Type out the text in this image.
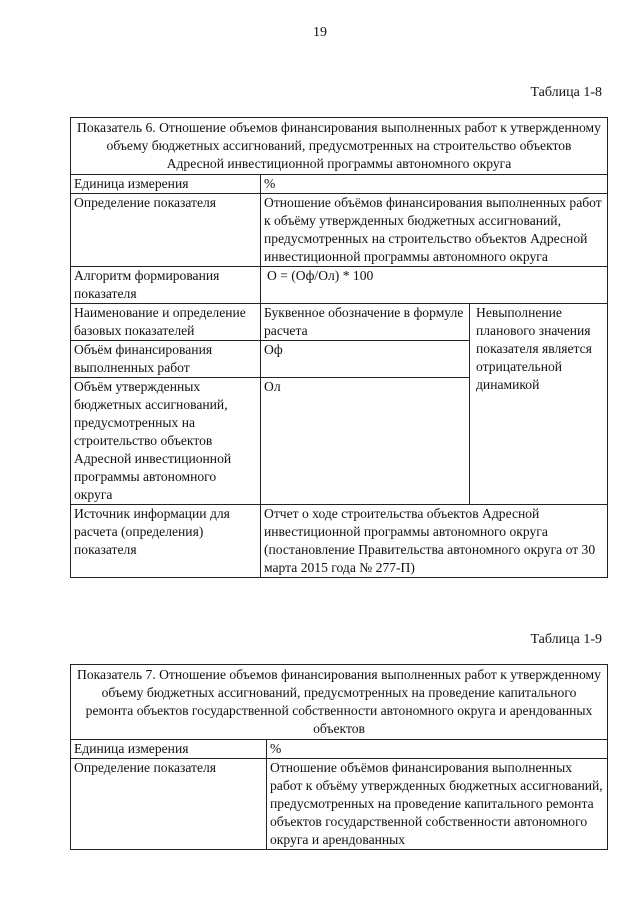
19
Таблица 1-8
Показатель 6. Отношение объемов финансирования выполненных работ к утвержденному объему бюджетных ассигнований, предусмотренных на строительство объектов Адресной инвестиционной программы автономного округа		
Единица измерения	%	
Определение показателя	Отношение объёмов финансирования выполненных работ к объёму утвержденных бюджетных ассигнований, предусмотренных на строительство объектов Адресной инвестиционной программы автономного округа	
Алгоритм формирования показателя	О = (Оф/Ол) * 100	
Наименование и определение базовых показателей	Буквенное обозначение в формуле расчета	Невыполнение планового значения показателя является отрицательной динамикой
Объём финансирования выполненных работ	Оф	
Объём утвержденных бюджетных ассигнований, предусмотренных на строительство объектов Адресной инвестиционной программы автономного округа	Ол	
Источник информации для расчета (определения) показателя	Отчет о ходе строительства объектов Адресной инвестиционной программы автономного округа (постановление Правительства автономного округа от 30 марта 2015 года № 277-П)	
Таблица 1-9
Показатель 7. Отношение объемов финансирования выполненных работ к утвержденному объему бюджетных ассигнований, предусмотренных на проведение капитального ремонта объектов государственной собственности автономного округа и арендованных объектов	
Единица измерения	%
Определение показателя	Отношение объёмов финансирования выполненных работ к объёму утвержденных бюджетных ассигнований, предусмотренных на проведение капитального ремонта объектов государственной собственности автономного округа и арендованных
